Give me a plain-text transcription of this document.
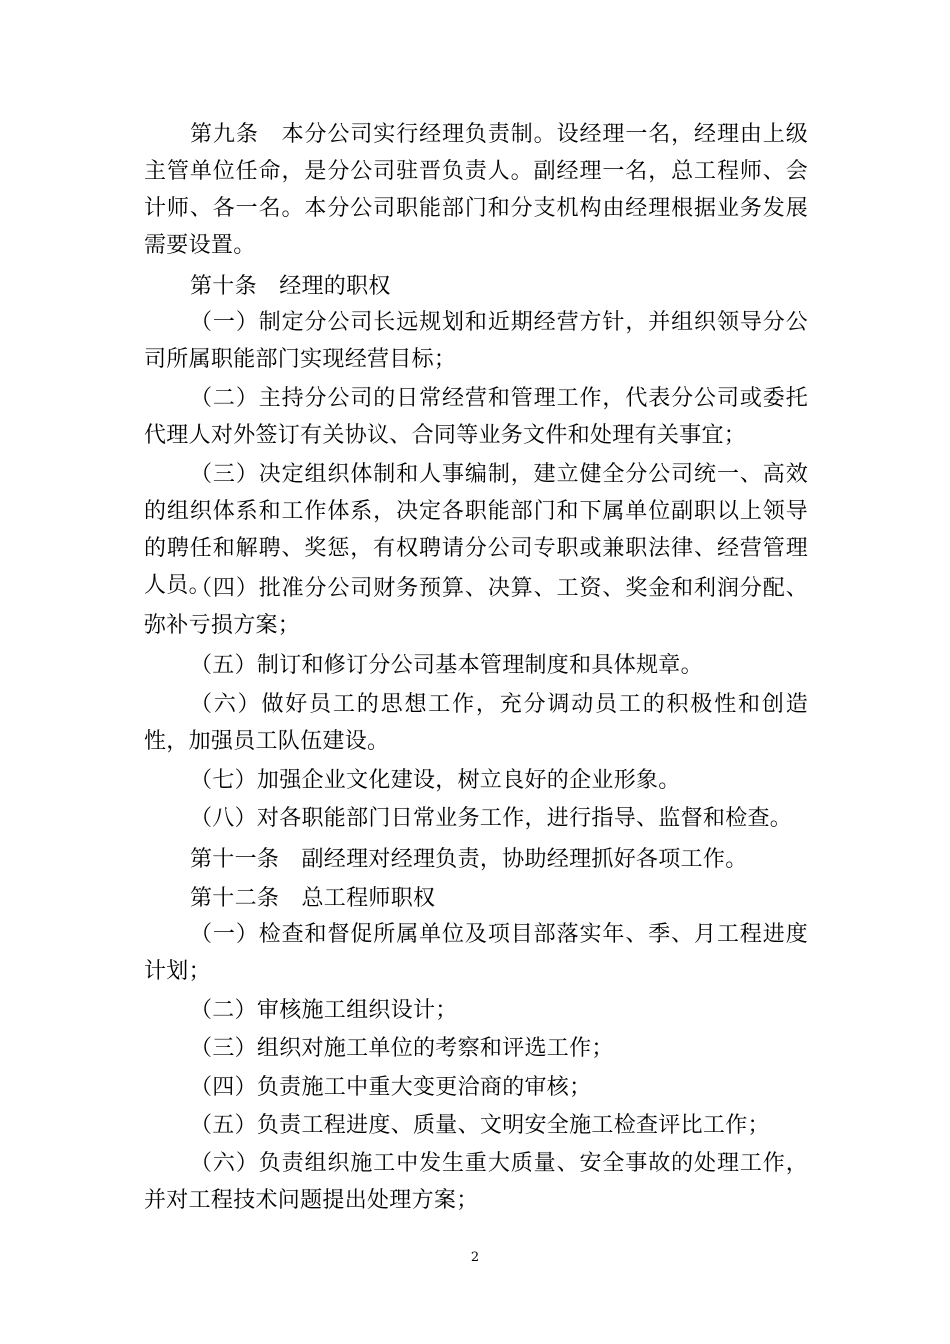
第九条　本分公司实行经理负责制。设经理一名，经理由上级主管单位任命，是分公司驻晋负责人。副经理一名，总工程师、会计师、各一名。本分公司职能部门和分支机构由经理根据业务发展需要设置。

第十条　经理的职权

（一）制定分公司长远规划和近期经营方针，并组织领导分公司所属职能部门实现经营目标；

（二）主持分公司的日常经营和管理工作，代表分公司或委托代理人对外签订有关协议、合同等业务文件和处理有关事宜；

（三）决定组织体制和人事编制，建立健全分公司统一、高效的组织体系和工作体系，决定各职能部门和下属单位副职以上领导的聘任和解聘、奖惩，有权聘请分公司专职或兼职法律、经营管理人员。

（四）批准分公司财务预算、决算、工资、奖金和利润分配、弥补亏损方案；

（五）制订和修订分公司基本管理制度和具体规章。

（六）做好员工的思想工作，充分调动员工的积极性和创造性，加强员工队伍建设。

（七）加强企业文化建设，树立良好的企业形象。

（八）对各职能部门日常业务工作，进行指导、监督和检查。

第十一条　副经理对经理负责，协助经理抓好各项工作。

第十二条　总工程师职权

（一）检查和督促所属单位及项目部落实年、季、月工程进度计划；

（二）审核施工组织设计；

（三）组织对施工单位的考察和评选工作；

（四）负责施工中重大变更洽商的审核；

（五）负责工程进度、质量、文明安全施工检查评比工作；

（六）负责组织施工中发生重大质量、安全事故的处理工作，并对工程技术问题提出处理方案；

2
